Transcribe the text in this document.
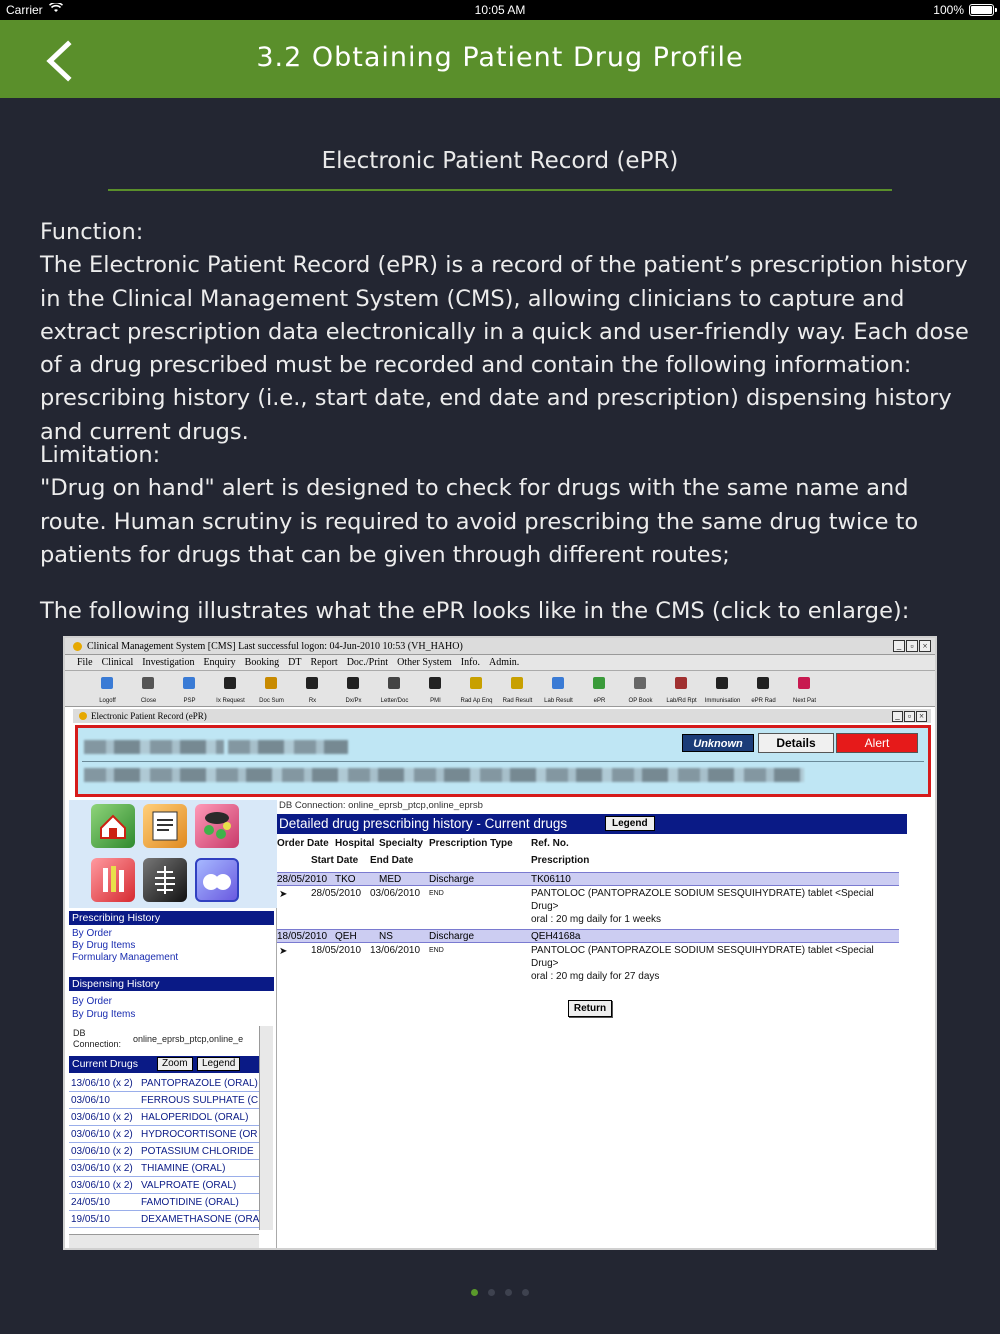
Carrier	10:05 AM	100%
3.2 Obtaining Patient Drug Profile
Electronic Patient Record (ePR)
Function:
The Electronic Patient Record (ePR) is a record of the patient’s prescription history in the Clinical Management System (CMS), allowing clinicians to capture and extract prescription data electronically in a quick and user-friendly way. Each dose of a drug prescribed must be recorded and contain the following information: prescribing history (i.e., start date, end date and prescription) dispensing history and current drugs.
Limitation:
"Drug on hand" alert is designed to check for drugs with the same name and route. Human scrutiny is required to avoid prescribing the same drug twice to patients for drugs that can be given through different routes;
The following illustrates what the ePR looks like in the CMS (click to enlarge):
Clinical Management System [CMS] Last successful logon: 04-Jun-2010 10:53 (VH_HAHO)	_	▫ ×
File Clinical Investigation Enquiry Booking DT Report Doc./Print Other System Info. Admin.
Logoff	Close	PSP	Ix Request	Doc Sum	Rx	Dx/Px	Letter/Doc	PMI	Rad Ap Enq	Rad Result	Lab Result	ePR	OP Book	Lab/Rd Rpt	Immunisation	ePR Rad	Next Pat
Electronic Patient Record (ePR)	_ ▫ ×
Unknown	Details	Alert
Prescribing History
By Order
By Drug Items
Formulary Management
Dispensing History
By Order
By Drug Items
DB Connection:	online_eprsb_ptcp,online_e
Current Drugs	Zoom	Legend
13/06/10 (x 2) PANTOPRAZOLE (ORAL)
03/06/10	FERROUS SULPHATE (C
03/06/10 (x 2) HALOPERIDOL (ORAL)
03/06/10 (x 2) HYDROCORTISONE (OR
03/06/10 (x 2) POTASSIUM CHLORIDE
03/06/10 (x 2) THIAMINE (ORAL)
03/06/10 (x 2) VALPROATE (ORAL)
24/05/10	FAMOTIDINE (ORAL)
19/05/10	DEXAMETHASONE (ORA
DB Connection: online_eprsb_ptcp,online_eprsb
Detailed drug prescribing history - Current drugs	Legend
Order Date Hospital Specialty Prescription Type Ref. No.
Start Date End Date	Prescription
28/05/2010 TKO MED	Discharge	TK06110
➤ 28/05/2010 03/06/2010 END	PANTOLOC (PANTOPRAZOLE SODIUM SESQUIHYDRATE) tablet <Special
Drug>
oral : 20 mg daily for 1 weeks
18/05/2010 QEH NS	Discharge	QEH4168a
➤ 18/05/2010 13/06/2010 END	PANTOLOC (PANTOPRAZOLE SODIUM SESQUIHYDRATE) tablet <Special
Drug>
oral : 20 mg daily for 27 days
Return
